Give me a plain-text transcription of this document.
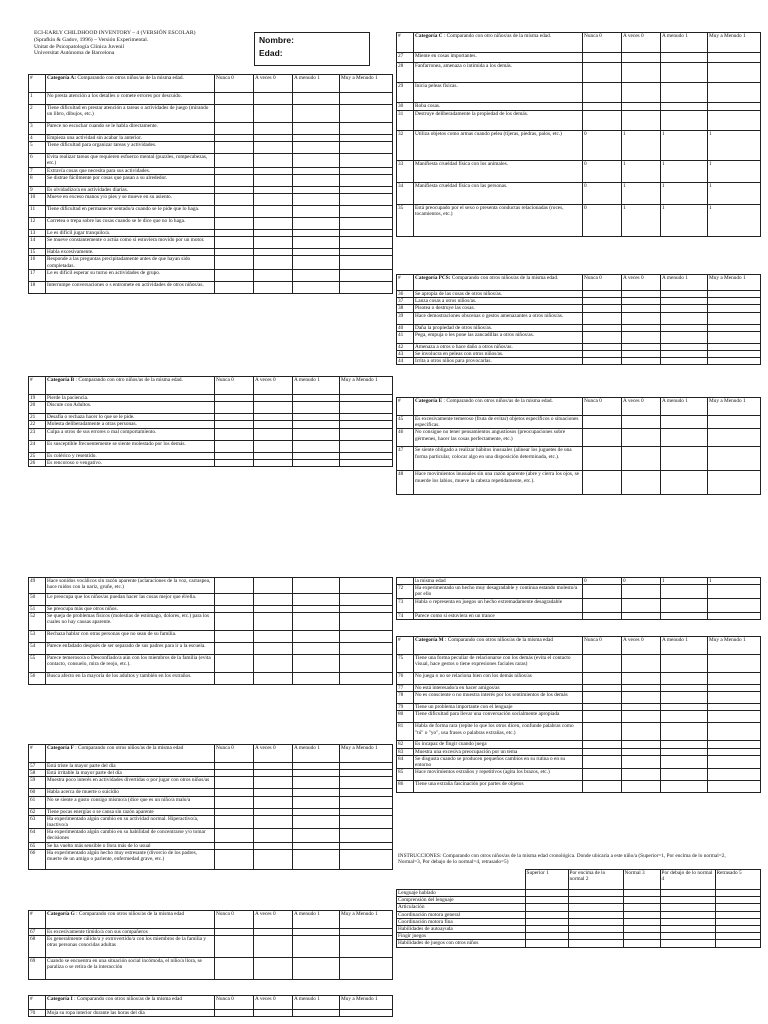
ECI-EARLY CHILDHOOD INVENTORY – 4 (VERSIÓN ESCOLAR)
(Sprafkin & Gadov, 1996) – Versión Experimental.
Unitat de Psicopatología Clínica Juvenil
Universitat Autònoma de Barcelona
Nombre:
Edad:
#	Categoría A: Comparando con otros niños/as de la misma edad.	Nunca 0	A veces 0	A menudo 1	Muy a Menudo 1
1	No presta atención a los detalles o comete errores por descuido.				
2	Tiene dificultad en prestar atención a tareas o actividades de juego (mirando un libro, dibujos, etc.)				
3	Parece no escuchar cuando se le habla directamente.				
4	Empieza una actividad sin acabar la anterior.				
5	Tiene dificultad para organizar tareas y actividades.				
6	Evita realizar tareas que requieren esfuerzo mental (puzzles, rompecabezas, etc.)				
7	Extravía cosas que necesita para sus actividades.				
8	Se distrae fácilmente por cosas que pasan a su alrededor.				
9	Es olvidadizo/a en actividades diarias.				
10	Mueve en exceso manos y/o pies y se mueve en su asiento.				
11	Tiene dificultad en permanecer sentado/a cuando se le pide que lo haga.				
12	Corretea o trepa sobre las cosas cuando se le dice que no lo haga.				
13	Le es difícil jugar tranquilo/a.				
14	Se mueve constantemente o actúa como si estuviera movido por un motor.				
15	Habla excesivamente.				
16	Responde a las preguntas precipitadamente antes de que hayan sido completadas.				
17	Le es difícil esperar su turno en actividades de grupo.				
18	Interrumpe conversaciones o s entromete en actividades de otros niños/as.				
#	Categoría B : Comparando con otro niños/as de la misma edad.	Nunca 0	A veces 0	A menudo 1	Muy a Menudo 1
19	Pierde la paciencia.				
20	Discute con Adultos.				
21	Desafía o rechaza hacer lo que se le pide.				
22	Molesta deliberadamente a otras personas.				
23	Culpa a otros de sus errores o mal comportamiento.				
24	Es susceptible frecuentemente se siente molestado por los demás.				
25	Es colérico y resentido.				
26	Es rencoroso o vengativo.				
#	Categoría C : Comparando con otro niños/as de la misma edad.	Nunca 0	A veces 0	A menudo 1	Muy a Menudo 1
27	Miente en cosas importantes.				
28	Fanfarronea, amenaza o intimida a los demás.				
29	Inicia peleas físicas.				
30	Roba cosas.				
31	Destruye deliberadamente la propiedad de los demás.				
32	Utiliza objetos como armas cuando pelea (tijeras, piedras, palos, etc.)	0	1	1	1
33	Manifiesta crueldad física con los animales.	0	1	1	1
34	Manifiesta crueldad física con las personas.	0	1	1	1
35	Está preocupado por el sexo o presenta conductas relacionadas (roces, tocamientos, etc.)	0	1	1	1
#	Categoría PCS: Comparando con otros niños/as de la misma edad.	Nunca 0	A veces 0	A menudo 1	Muy a Menudo 1
36	Se apropia de las cosas de otros niños/as.				
37	Lanza cosas a otros niños/as.				
38	Pisotea o destruye las cosas.				
39	Hace demostraciones obscenas o gestos amenazantes a otros niños/as.				
40	Daña la propiedad de otros niños/as.				
41	Pega, empuja o les pone las zancadillas a otros niños/as.				
42	Amenaza a otros o hace daño a otros niños/as.				
43	Se involucra en peleas con otros niños/as.				
44	Irrita a otros niños para provocarlas.				
#	Categoría E : Comparando con otros niños/as de la misma edad.	Nunca 0	A veces 0	A menudo 1	Muy a Menudo 1
45	Es excesivamente temeroso (fruta de evitar) objetos específicos o situaciones específicas.				
46	No consigue no tener pensamientos angustiosos (preocupaciones sobre gérmenes, hacer las cosas perfectamente, etc.)				
47	Se siente obligado a realizar hábitos inusuales (alinear los juguetes de una forma particular, colocar algo en una disposición determinada, etc.).				
48	Hace movimientos inusuales sin una razón aparente (abre y cierra los ojos, se muerde los labios, mueve la cabeza repetidamente, etc.).				
49	Hace sonidos vocálicos sin razón aparente (aclaraciones de la voz, carraspea, hace ruidos con la nariz, gruñe, etc.)				
50	Le preocupa que los niños/as puedan hacer las cosas mejor que él/ella.				
51	Se preocupa más que otros niños.				
52	Se queja de problemas físicos (molestias de estómago, dolores, etc.) para los cuales no hay causas aparente.				
53	Rechaza hablar con otras personas que no sean de su familia.				
54	Parece enfadado después de ser separado de sus padres para ir a la escuela.				
55	Parece temeroso/a o Desconfiado/a aún con los miembros de la familia (evita contacto, consuelo, mira de reojo, etc.).				
56	Busca afecto en la mayoría de los adultos y también en los extraños.				
#	Categoría F : Comparando con otros niños/as de la misma edad	Nunca 0	A veces 0	A menudo 1	Muy a Menudo 1
57	Está triste la mayor parte del día				
58	Está irritable la mayor parte del día				
59	Muestra poco interés en actividades divertidas o por jugar con otros niños/as				
60	Habla acerca de muerte o suicidio				
61	No se siente a gusto consigo mismo/a (dice que es un niño/a malo/a				
62	Tiene pocas energías o se cansa sin razón aparente				
63	Ha experimentado algún cambio en su actividad normal. Hiperactivo/a, inactivo/a				
64	Ha experimentado algún cambio en su habilidad de concentrarse y/o tomar decisiones				
65	Se ha vuelto más sensible o llora más de lo usual				
66	Ha experimentado algún hecho muy estresante (divorcio de los padres, muerte de un amigo o pariente, enfermedad grave, etc.)				
#	Categoría G : Comparando con otros niños/as de la misma edad	Nunca 0	A veces 0	A menudo 1	Muy a Menudo 1
67	Es excesivamente tímido/a con sus compañeros				
68	Es generalmente cálido/a y extrovertido/a con los miembros de la familia y otras personas conocidas adultas				
69	Cuando se encuentra en una situación social incómoda, el niño/a llora, se paraliza o se retira de la interacción				
#	Categoría I : Comparando con otros niños/as de la misma edad	Nunca 0	A veces 0	A menudo 1	Muy a Menudo 1
70	Moja su ropa interior durante las horas del día				
	la misma edad	0	0	1	1
72	Ha experimentado un hecho muy desagradable y continua estando molesto/a por ello				
73	Habla o representa en juegos un hecho extremadamente desagradable				
74	Parece como si estuviera en un trance				
#	Categoría M : Comparando con otros niños/as de la misma edad	Nunca 0	A veces 0	A menudo 1	Muy a Menudo 1
75	Tiene una forma peculiar de relacionarse con los demás (evita el contacto visual, hace gestos o tiene expresiones faciales raras)				
76	No juega o no se relaciona bien con los demás niños/as				
77	No está interesado/a en hacer amigos/as				
78	No es consciente o no muestra interés por los sentimientos de los demás				
79	Tiene un problema importante con el lenguaje				
80	Tiene dificultad para llevar una conversación socialmente apropiada				
81	Habla de forma rara (repite lo que los otros dicen, confunde palabras como "tú" o "yo", usa frases o palabras extrañas, etc.)				
82	Es incapaz de fingir cuando juega				
83	Muestra una excesiva preocupación por un tema				
84	Se disgusta cuando se producen pequeños cambios en su rutina o en su entorno				
85	Hace movimientos extraños y repetitivos (agita los brazos, etc.)				
86	Tiene una extraña fascinación por partes de objetos				
INSTRUCCIONES: Comparando con otros niños/as de la misma edad cronológica. Donde ubicaría a este niño/a (Superior=1, Por encima de lo normal=2, Normal=3, Por debajo de lo normal=4, retrasado=5)
	Superior 1	Por encima de lo normal 2	Normal 3	Por debajo de lo normal 4	Retrasado 5
Lenguaje hablado					
Comprensión del lenguaje					
Articulación					
Coordinación motora general					
Coordinación motora fina					
Habilidades de autoayuda					
Fingir juegos					
Habilidades de juegos con otros niños					
